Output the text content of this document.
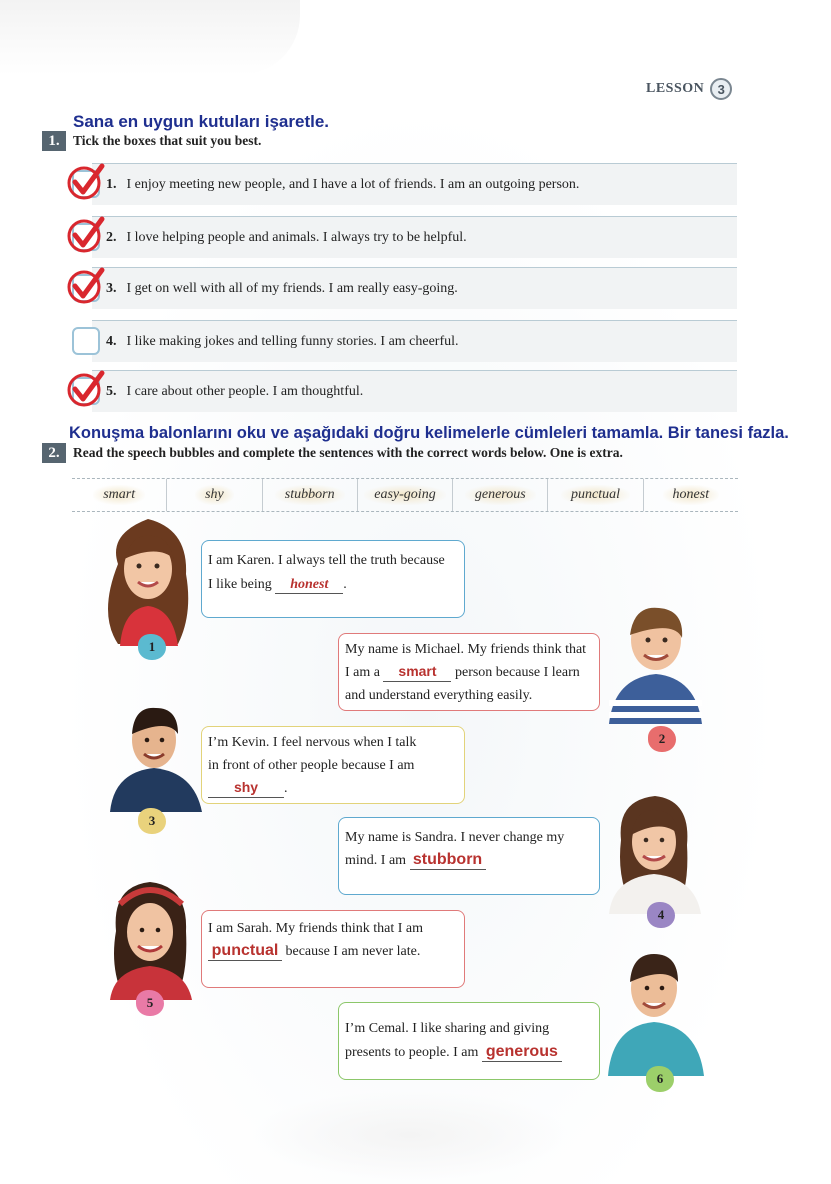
LESSON	3
Sana en uygun kutuları işaretle.
1. Tick the boxes that suit you best.
1. I enjoy meeting new people, and I have a lot of friends. I am an outgoing person.
2. I love helping people and animals. I always try to be helpful.
3. I get on well with all of my friends. I am really easy-going.
4. I like making jokes and telling funny stories. I am cheerful.
5. I care about other people. I am thoughtful.
Konuşma balonlarını oku ve aşağıdaki doğru kelimelerle cümleleri tamamla. Bir tanesi fazla.
2. Read the speech bubbles and complete the sentences with the correct words below. One is extra.
smart	shy	stubborn	easy-going	generous	punctual	honest
1
I am Karen. I always tell the truth because
I like being honest .
2
My name is Michael. My friends think that
I am a smart person because I learn
and understand everything easily.
3
I’m Kevin. I feel nervous when I talk
in front of other people because I am
shy .
4
My name is Sandra. I never change my
mind. I am stubborn
5
I am Sarah. My friends think that I am
punctual because I am never late.
6
I’m Cemal. I like sharing and giving
presents to people. I am generous
